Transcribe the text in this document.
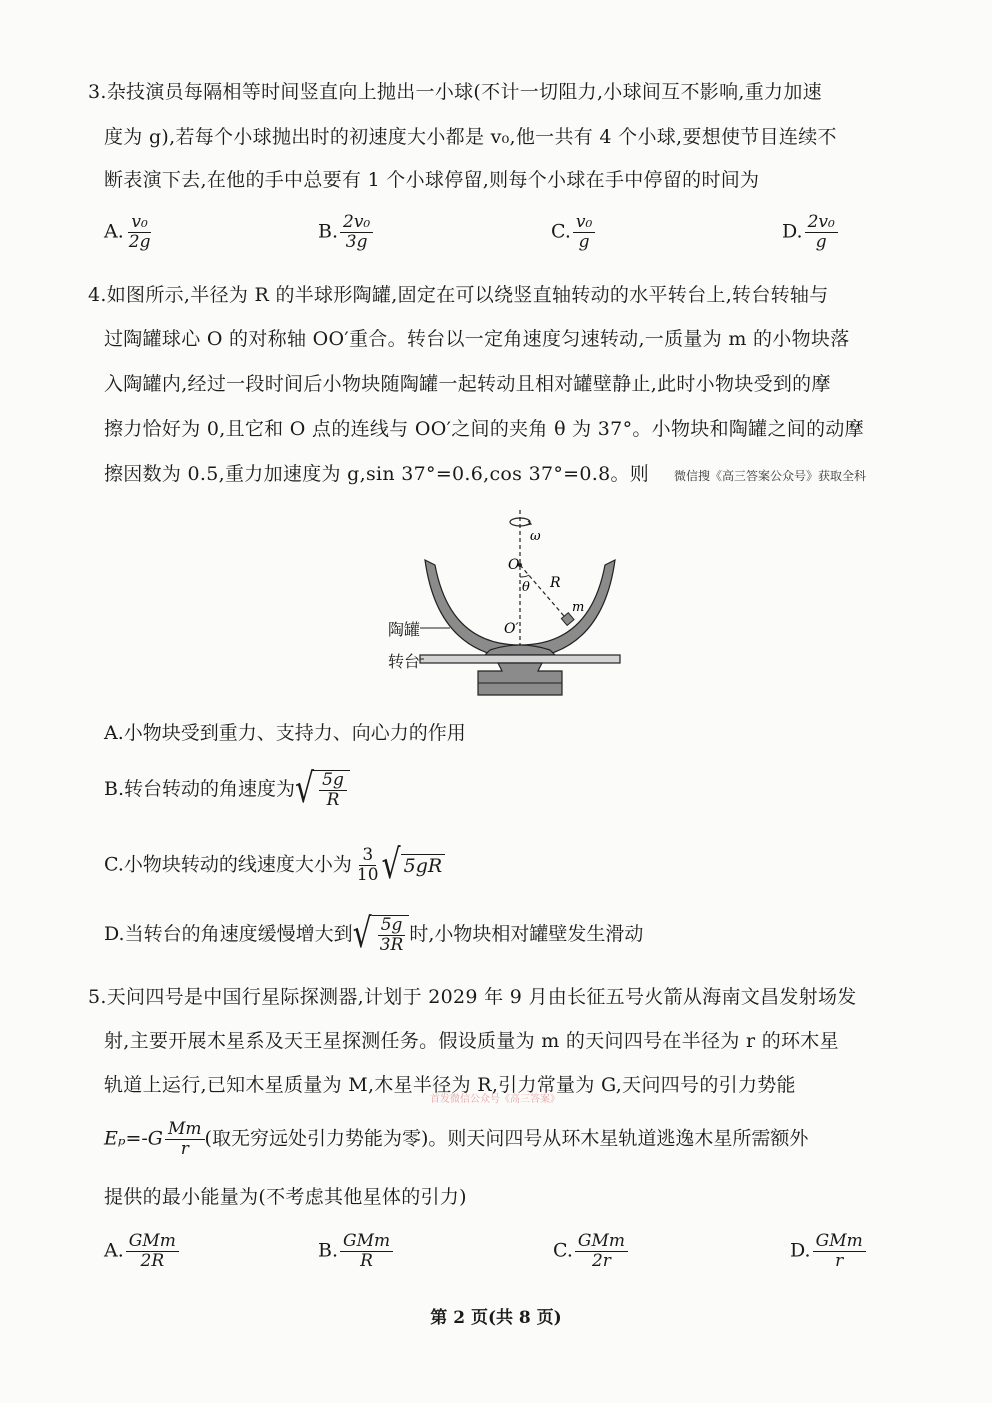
3.杂技演员每隔相等时间竖直向上抛出一小球(不计一切阻力,小球间互不影响,重力加速
度为 g),若每个小球抛出时的初速度大小都是 v₀,他一共有 4 个小球,要想使节目连续不
断表演下去,在他的手中总要有 1 个小球停留,则每个小球在手中停留的时间为
A. $\frac{\text{v₀}}{2g}$	B. $\frac{\text{2v₀}}{3g}$	C. $\frac{\text{v₀}}{g}$	D. $\frac{\text{2v₀}}{g}$
4.如图所示,半径为 R 的半球形陶罐,固定在可以绕竖直轴转动的水平转台上,转台转轴与
过陶罐球心 O 的对称轴 OO′重合。转台以一定角速度匀速转动,一质量为 m 的小物块落
入陶罐内,经过一段时间后小物块随陶罐一起转动且相对罐壁静止,此时小物块受到的摩
擦力恰好为 0,且它和 O 点的连线与 OO′之间的夹角 θ 为 37°。小物块和陶罐之间的动摩
擦因数为 0.5,重力加速度为 g,sin 37°=0.6,cos 37°=0.8。则 微信搜《高三答案公众号》获取全科
ω
O
θ R
m
O′
陶罐
转台
A.小物块受到重力、支持力、向心力的作用
B.转台转动的角速度为 √ $\frac{5g}{R}$
C.小物块转动的线速度大小为 $\frac{3}{10}$ √ 5gR
D.当转台的角速度缓慢增大到 √ $\frac{5g}{3R}$ 时,小物块相对罐壁发生滑动
5.天问四号是中国行星际探测器,计划于 2029 年 9 月由长征五号火箭从海南文昌发射场发
射,主要开展木星系及天王星探测任务。假设质量为 m 的天问四号在半径为 r 的环木星
轨道上运行,已知木星质量为 M,木星半径为 R,引力常量为 G,天问四号的引力势能
首发微信公众号《高三答案》
$E_p=-G \frac{Mm}{r}$ (取无穷远处引力势能为零)。则天问四号从环木星轨道逃逸木星所需额外
提供的最小能量为(不考虑其他星体的引力)
A. $\frac{\text{GMm}}{2R}$	B. $\frac{\text{GMm}}{R}$	C. $\frac{\text{GMm}}{2r}$	D. $\frac{\text{GMm}}{r}$
第 2 页(共 8 页)
